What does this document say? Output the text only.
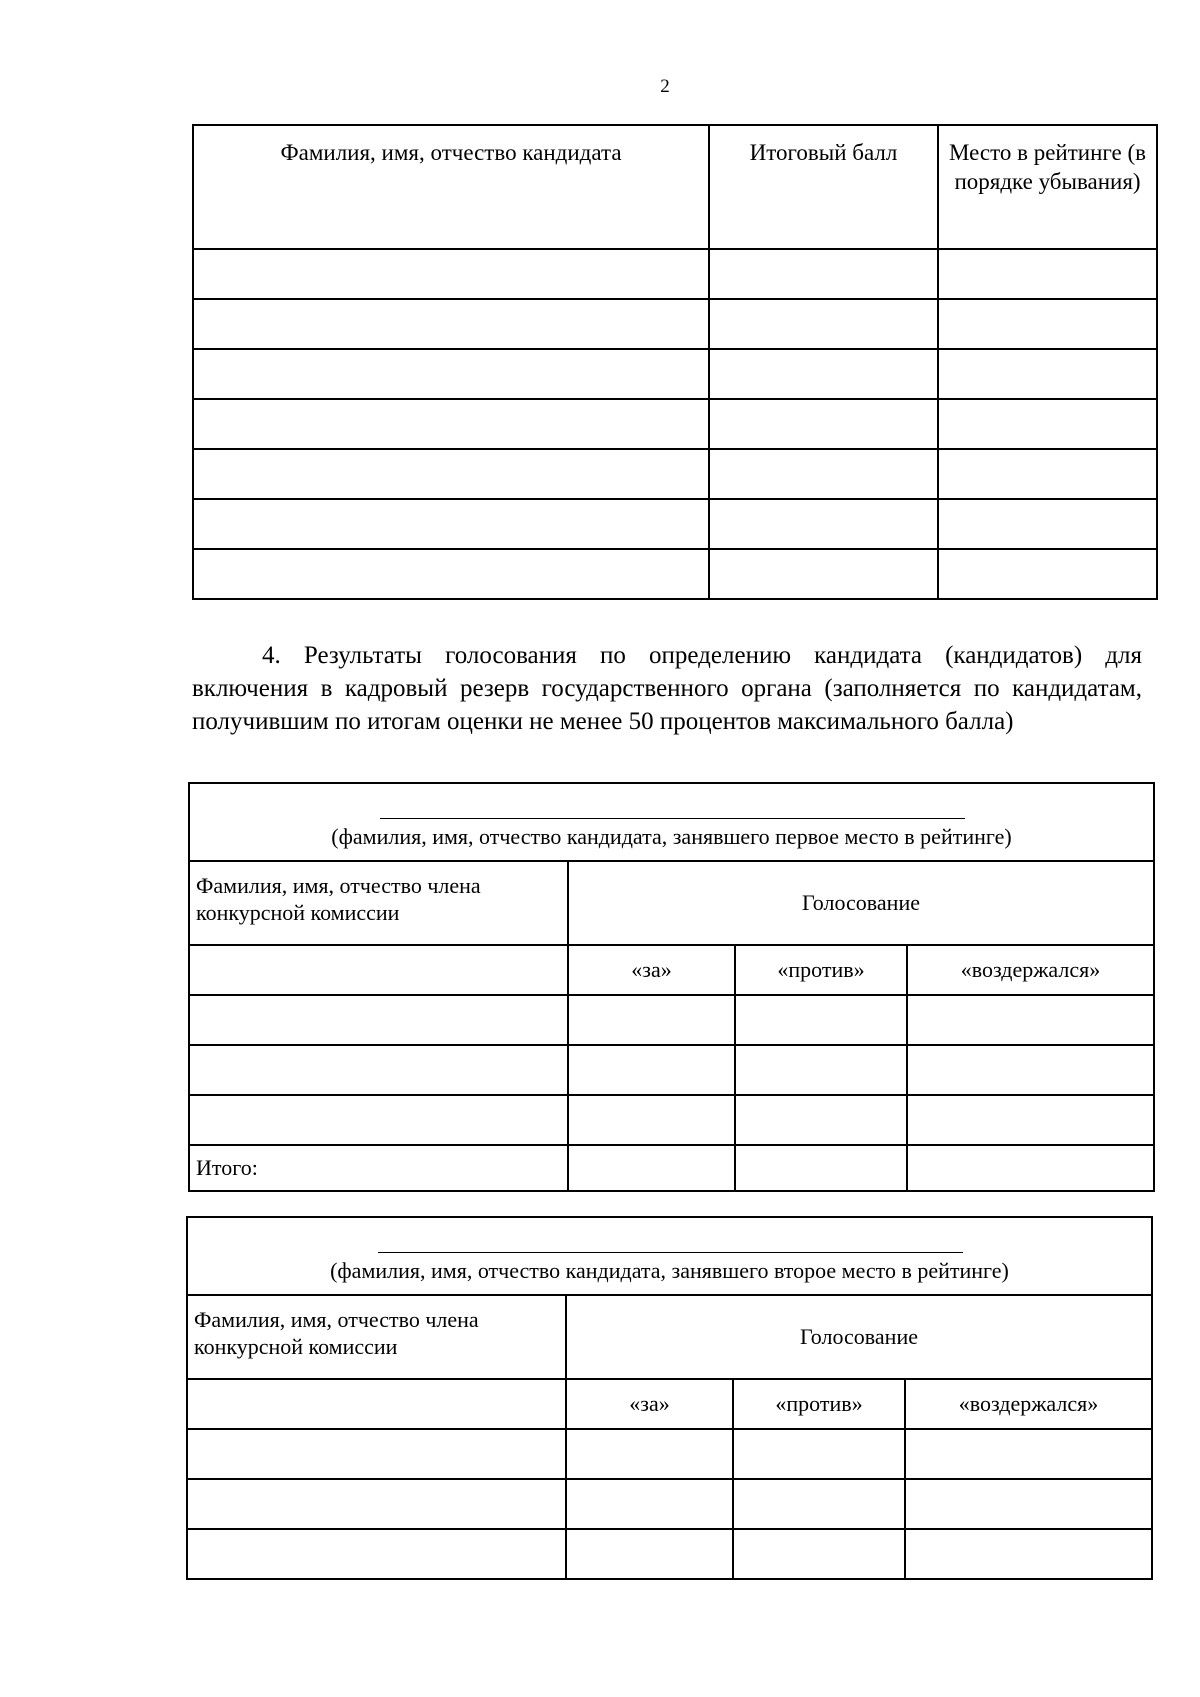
2
Фамилия, имя, отчество кандидата	Итоговый балл	Место в рейтинге (в порядке убывания)

4. Результаты голосования по определению кандидата (кандидатов) для включения в кадровый резерв государственного органа (заполняется по кандидатам, получившим по итогам оценки не менее 50 процентов максимального балла)

(фамилия, имя, отчество кандидата, занявшего первое место в рейтинге)			

Фамилия, имя, отчество члена конкурсной комиссии	Голосование		
	«за»	«против»	«воздержался»

Итого:			
(фамилия, имя, отчество кандидата, занявшего второе место в рейтинге)			

Фамилия, имя, отчество члена конкурсной комиссии	Голосование		
	«за»	«против»	«воздержался»
